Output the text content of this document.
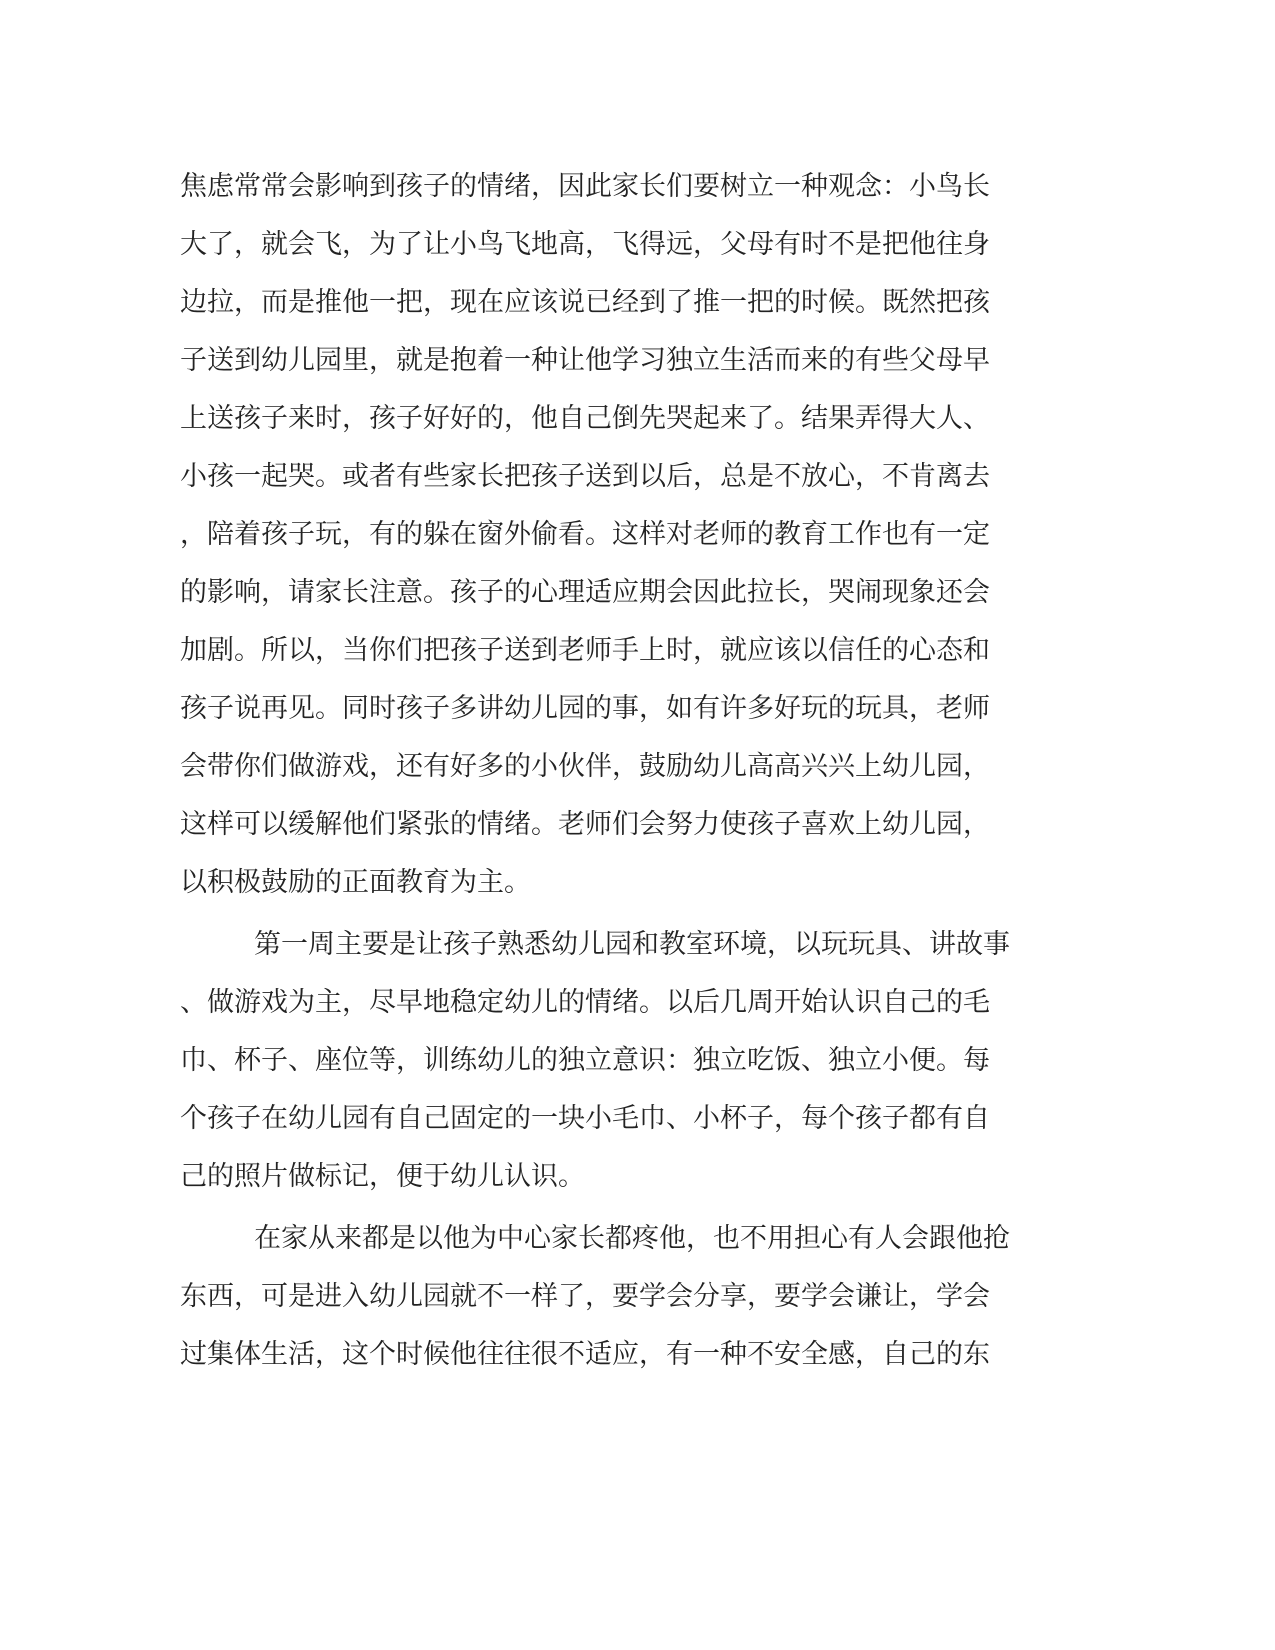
焦虑常常会影响到孩子的情绪，因此家长们要树立一种观念：小鸟长
大了，就会飞，为了让小鸟飞地高，飞得远，父母有时不是把他往身
边拉，而是推他一把，现在应该说已经到了推一把的时候。既然把孩
子送到幼儿园里，就是抱着一种让他学习独立生活而来的有些父母早
上送孩子来时，孩子好好的，他自己倒先哭起来了。结果弄得大人、
小孩一起哭。或者有些家长把孩子送到以后，总是不放心，不肯离去
，陪着孩子玩，有的躲在窗外偷看。这样对老师的教育工作也有一定
的影响，请家长注意。孩子的心理适应期会因此拉长，哭闹现象还会
加剧。所以，当你们把孩子送到老师手上时，就应该以信任的心态和
孩子说再见。同时孩子多讲幼儿园的事，如有许多好玩的玩具，老师
会带你们做游戏，还有好多的小伙伴，鼓励幼儿高高兴兴上幼儿园，
这样可以缓解他们紧张的情绪。老师们会努力使孩子喜欢上幼儿园，
以积极鼓励的正面教育为主。
第一周主要是让孩子熟悉幼儿园和教室环境，以玩玩具、讲故事
、做游戏为主，尽早地稳定幼儿的情绪。以后几周开始认识自己的毛
巾、杯子、座位等，训练幼儿的独立意识：独立吃饭、独立小便。每
个孩子在幼儿园有自己固定的一块小毛巾、小杯子，每个孩子都有自
己的照片做标记，便于幼儿认识。
在家从来都是以他为中心家长都疼他，也不用担心有人会跟他抢
东西，可是进入幼儿园就不一样了，要学会分享，要学会谦让，学会
过集体生活，这个时候他往往很不适应，有一种不安全感，自己的东
